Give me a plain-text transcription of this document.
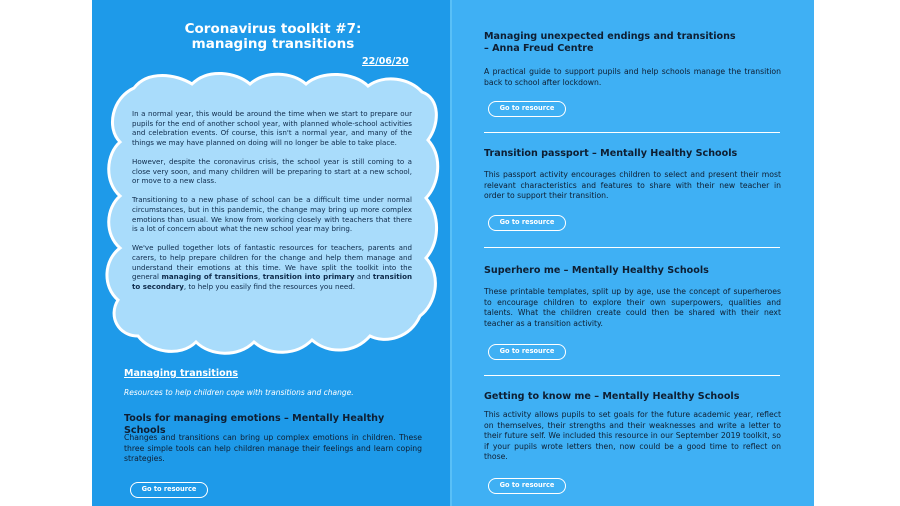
Coronavirus toolkit #7:
managing transitions
22/06/20

In a normal year, this would be around the time when we start to prepare our pupils for the end of another school year, with planned whole-school activities and celebration events. Of course, this isn't a normal year, and many of the things we may have planned on doing will no longer be able to take place.

However, despite the coronavirus crisis, the school year is still coming to a close very soon, and many children will be preparing to start at a new school, or move to a new class.

Transitioning to a new phase of school can be a difficult time under normal circumstances, but in this pandemic, the change may bring up more complex emotions than usual. We know from working closely with teachers that there is a lot of concern about what the new school year may bring.

We've pulled together lots of fantastic resources for teachers, parents and carers, to help prepare children for the change and help them manage and understand their emotions at this time. We have split the toolkit into the general managing of transitions, transition into primary and transition to secondary, to help you easily find the resources you need.

Managing transitions
Resources to help children cope with transitions and change.
Tools for managing emotions – Mentally Healthy Schools
Changes and transitions can bring up complex emotions in children. These three simple tools can help children manage their feelings and learn coping strategies.
Go to resource
Managing unexpected endings and transitions
– Anna Freud Centre
A practical guide to support pupils and help schools manage the transition back to school after lockdown.
Go to resource
Transition passport – Mentally Healthy Schools
This passport activity encourages children to select and present their most relevant characteristics and features to share with their new teacher in order to support their transition.
Go to resource
Superhero me – Mentally Healthy Schools
These printable templates, split up by age, use the concept of superheroes to encourage children to explore their own superpowers, qualities and talents. What the children create could then be shared with their next teacher as a transition activity.
Go to resource
Getting to know me – Mentally Healthy Schools
This activity allows pupils to set goals for the future academic year, reflect on themselves, their strengths and their weaknesses and write a letter to their future self. We included this resource in our September 2019 toolkit, so if your pupils wrote letters then, now could be a good time to reflect on those.
Go to resource
